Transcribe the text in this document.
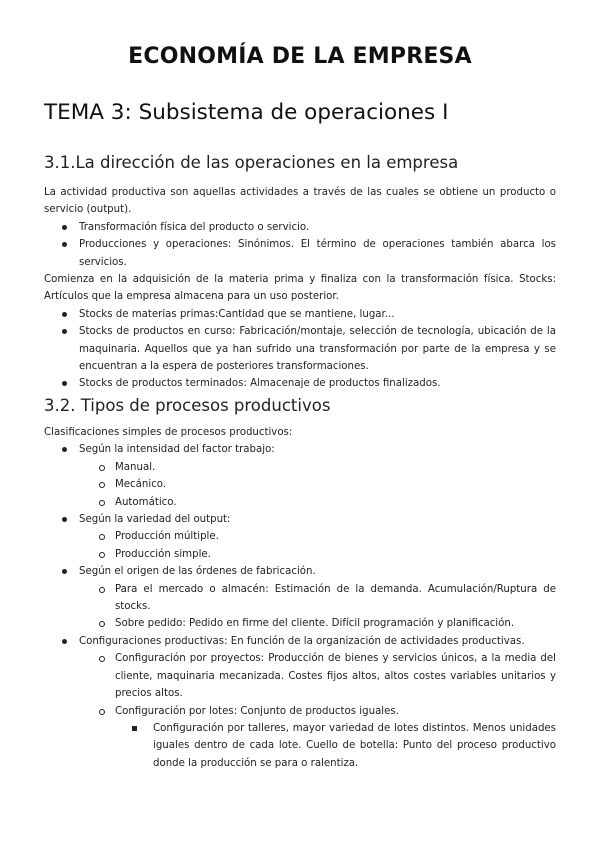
ECONOMÍA DE LA EMPRESA
TEMA 3: Subsistema de operaciones I
3.1.La dirección de las operaciones en la empresa

La actividad productiva son aquellas actividades a través de las cuales se obtiene un producto o servicio (output).

Transformación física del producto o servicio.
Producciones y operaciones: Sinónimos. El término de operaciones también abarca los servicios.

Comienza en la adquisición de la materia prima y finaliza con la transformación física. Stocks: Artículos que la empresa almacena para un uso posterior.

Stocks de materias primas:Cantidad que se mantiene, lugar...
Stocks de productos en curso: Fabricación/montaje, selección de tecnología, ubicación de la maquinaria. Aquellos que ya han sufrido una transformación por parte de la empresa y se encuentran a la espera de posteriores transformaciones.
Stocks de productos terminados: Almacenaje de productos finalizados.
3.2. Tipos de procesos productivos

Clasificaciones simples de procesos productivos:

Según la intensidad del factor trabajo:
Manual.
Mecánico.
Automático.
Según la variedad del output:
Producción múltiple.
Producción simple.
Según el origen de las órdenes de fabricación.
Para el mercado o almacén: Estimación de la demanda. Acumulación/Ruptura de stocks.
Sobre pedido: Pedido en firme del cliente. Difícil programación y planificación.
Configuraciones productivas: En función de la organización de actividades productivas.
Configuración por proyectos: Producción de bienes y servicios únicos, a la media del cliente, maquinaria mecanizada. Costes fijos altos, altos costes variables unitarios y precios altos.
Configuración por lotes: Conjunto de productos iguales.
Configuración por talleres, mayor variedad de lotes distintos. Menos unidades iguales dentro de cada lote. Cuello de botella: Punto del proceso productivo donde la producción se para o ralentiza.
